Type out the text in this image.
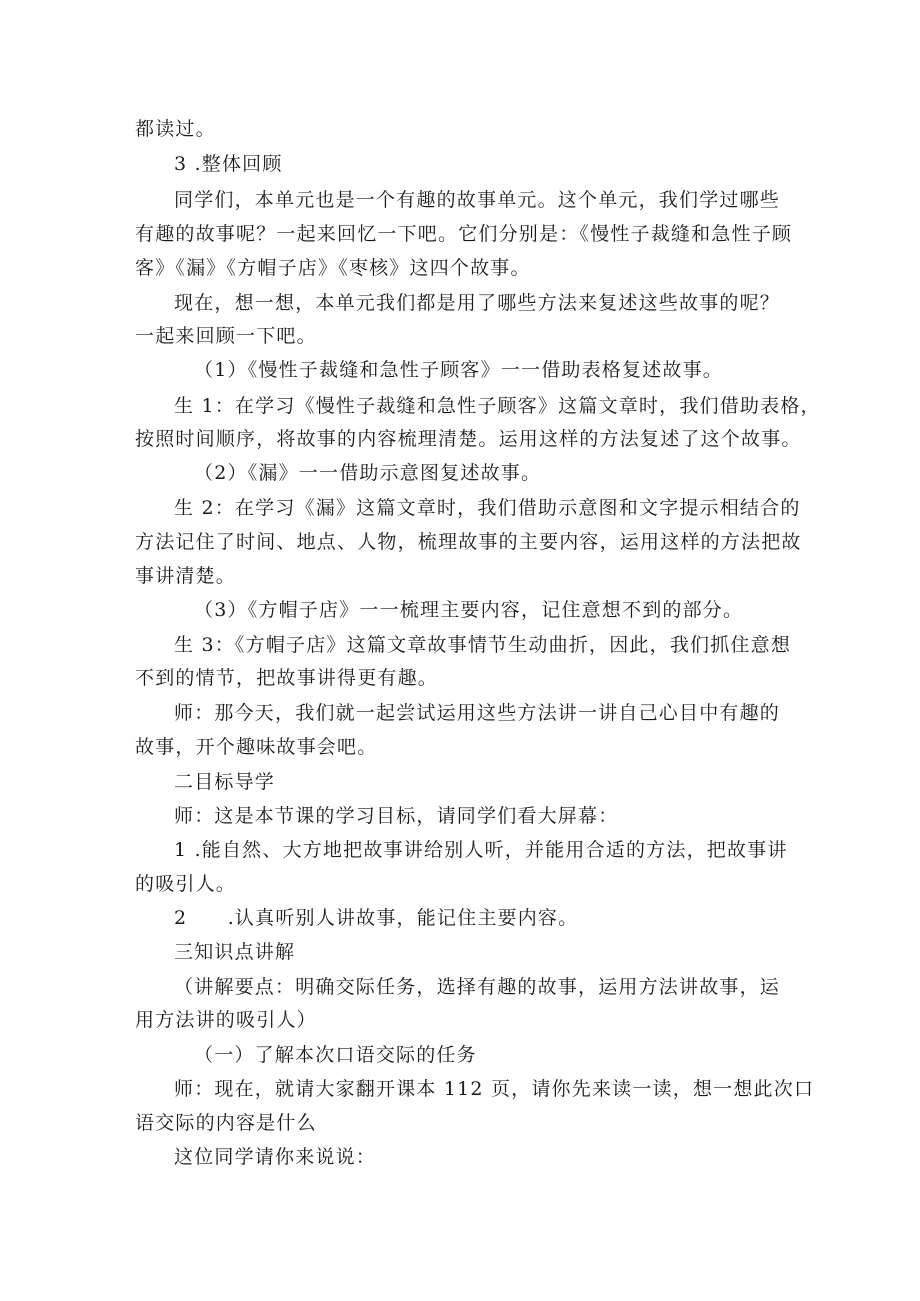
都读过。
3 .整体回顾
同学们，本单元也是一个有趣的故事单元。这个单元，我们学过哪些
有趣的故事呢？一起来回忆一下吧。它们分别是：《慢性子裁缝和急性子顾
客》《漏》《方帽子店》《枣核》这四个故事。
现在，想一想，本单元我们都是用了哪些方法来复述这些故事的呢？
一起来回顾一下吧。
（1）《慢性子裁缝和急性子顾客》一一借助表格复述故事。
生 1：在学习《慢性子裁缝和急性子顾客》这篇文章时，我们借助表格，
按照时间顺序，将故事的内容梳理清楚。运用这样的方法复述了这个故事。
（2）《漏》一一借助示意图复述故事。
生 2：在学习《漏》这篇文章时，我们借助示意图和文字提示相结合的
方法记住了时间、地点、人物，梳理故事的主要内容，运用这样的方法把故
事讲清楚。
（3）《方帽子店》一一梳理主要内容，记住意想不到的部分。
生 3：《方帽子店》这篇文章故事情节生动曲折，因此，我们抓住意想
不到的情节，把故事讲得更有趣。
师：那今天，我们就一起尝试运用这些方法讲一讲自己心目中有趣的
故事，开个趣味故事会吧。
二目标导学
师：这是本节课的学习目标，请同学们看大屏幕：
1 .能自然、大方地把故事讲给别人听，并能用合适的方法，把故事讲
的吸引人。
2　　.认真听别人讲故事，能记住主要内容。
三知识点讲解
（讲解要点：明确交际任务，选择有趣的故事，运用方法讲故事，运
用方法讲的吸引人）
（一）了解本次口语交际的任务
师：现在，就请大家翻开课本 112 页，请你先来读一读，想一想此次口
语交际的内容是什么
这位同学请你来说说：
